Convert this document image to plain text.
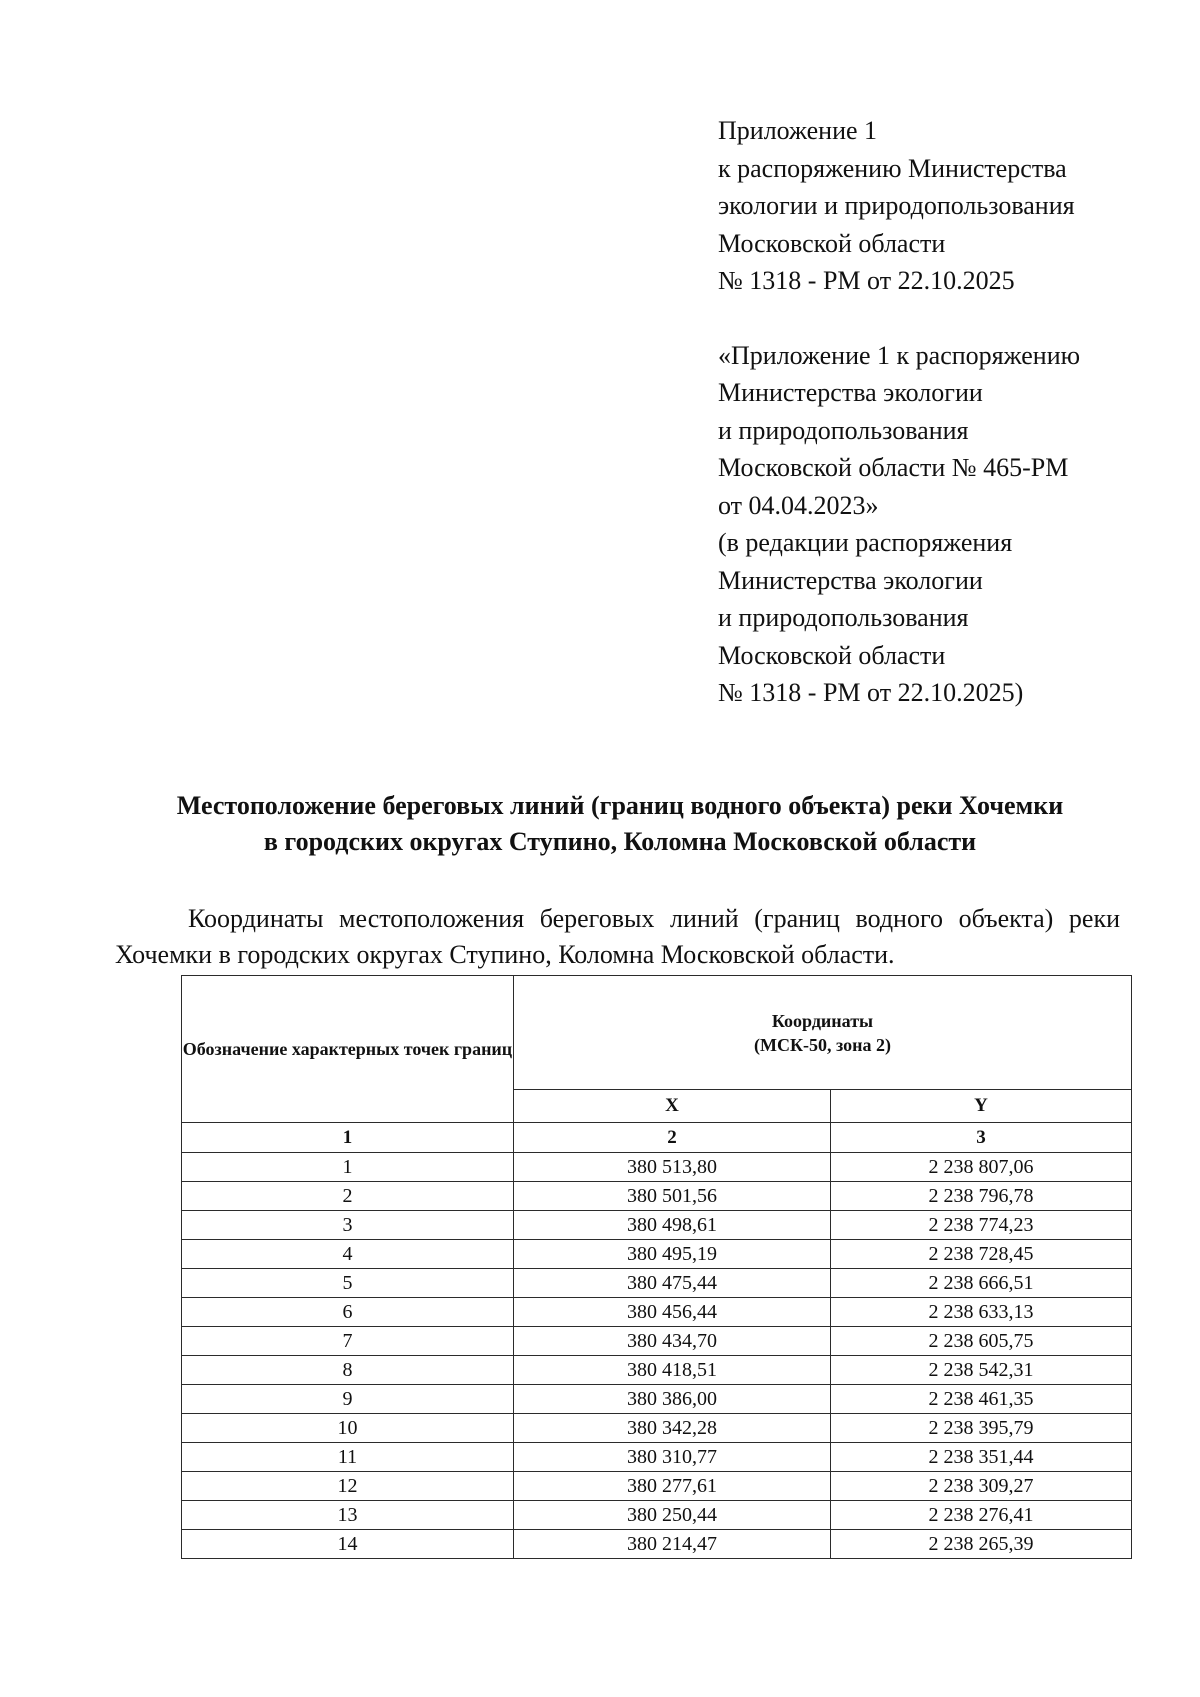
Приложение 1
к распоряжению Министерства
экологии и природопользования
Московской области
№ 1318 - РМ от 22.10.2025
«Приложение 1 к распоряжению
Министерства экологии
и природопользования
Московской области № 465-РМ
от 04.04.2023»
(в редакции распоряжения
Министерства экологии
и природопользования
Московской области
№ 1318 - РМ от 22.10.2025)
Местоположение береговых линий (границ водного объекта) реки Хочемки
в городских округах Ступино, Коломна Московской области
Координаты местоположения береговых линий (границ водного объекта) реки Хочемки в городских округах Ступино, Коломна Московской области.
Обозначение характерных точек границ	Координаты
(МСК-50, зона 2)	
	X	Y
1	2	3
1	380 513,80	2 238 807,06
2	380 501,56	2 238 796,78
3	380 498,61	2 238 774,23
4	380 495,19	2 238 728,45
5	380 475,44	2 238 666,51
6	380 456,44	2 238 633,13
7	380 434,70	2 238 605,75
8	380 418,51	2 238 542,31
9	380 386,00	2 238 461,35
10	380 342,28	2 238 395,79
11	380 310,77	2 238 351,44
12	380 277,61	2 238 309,27
13	380 250,44	2 238 276,41
14	380 214,47	2 238 265,39
